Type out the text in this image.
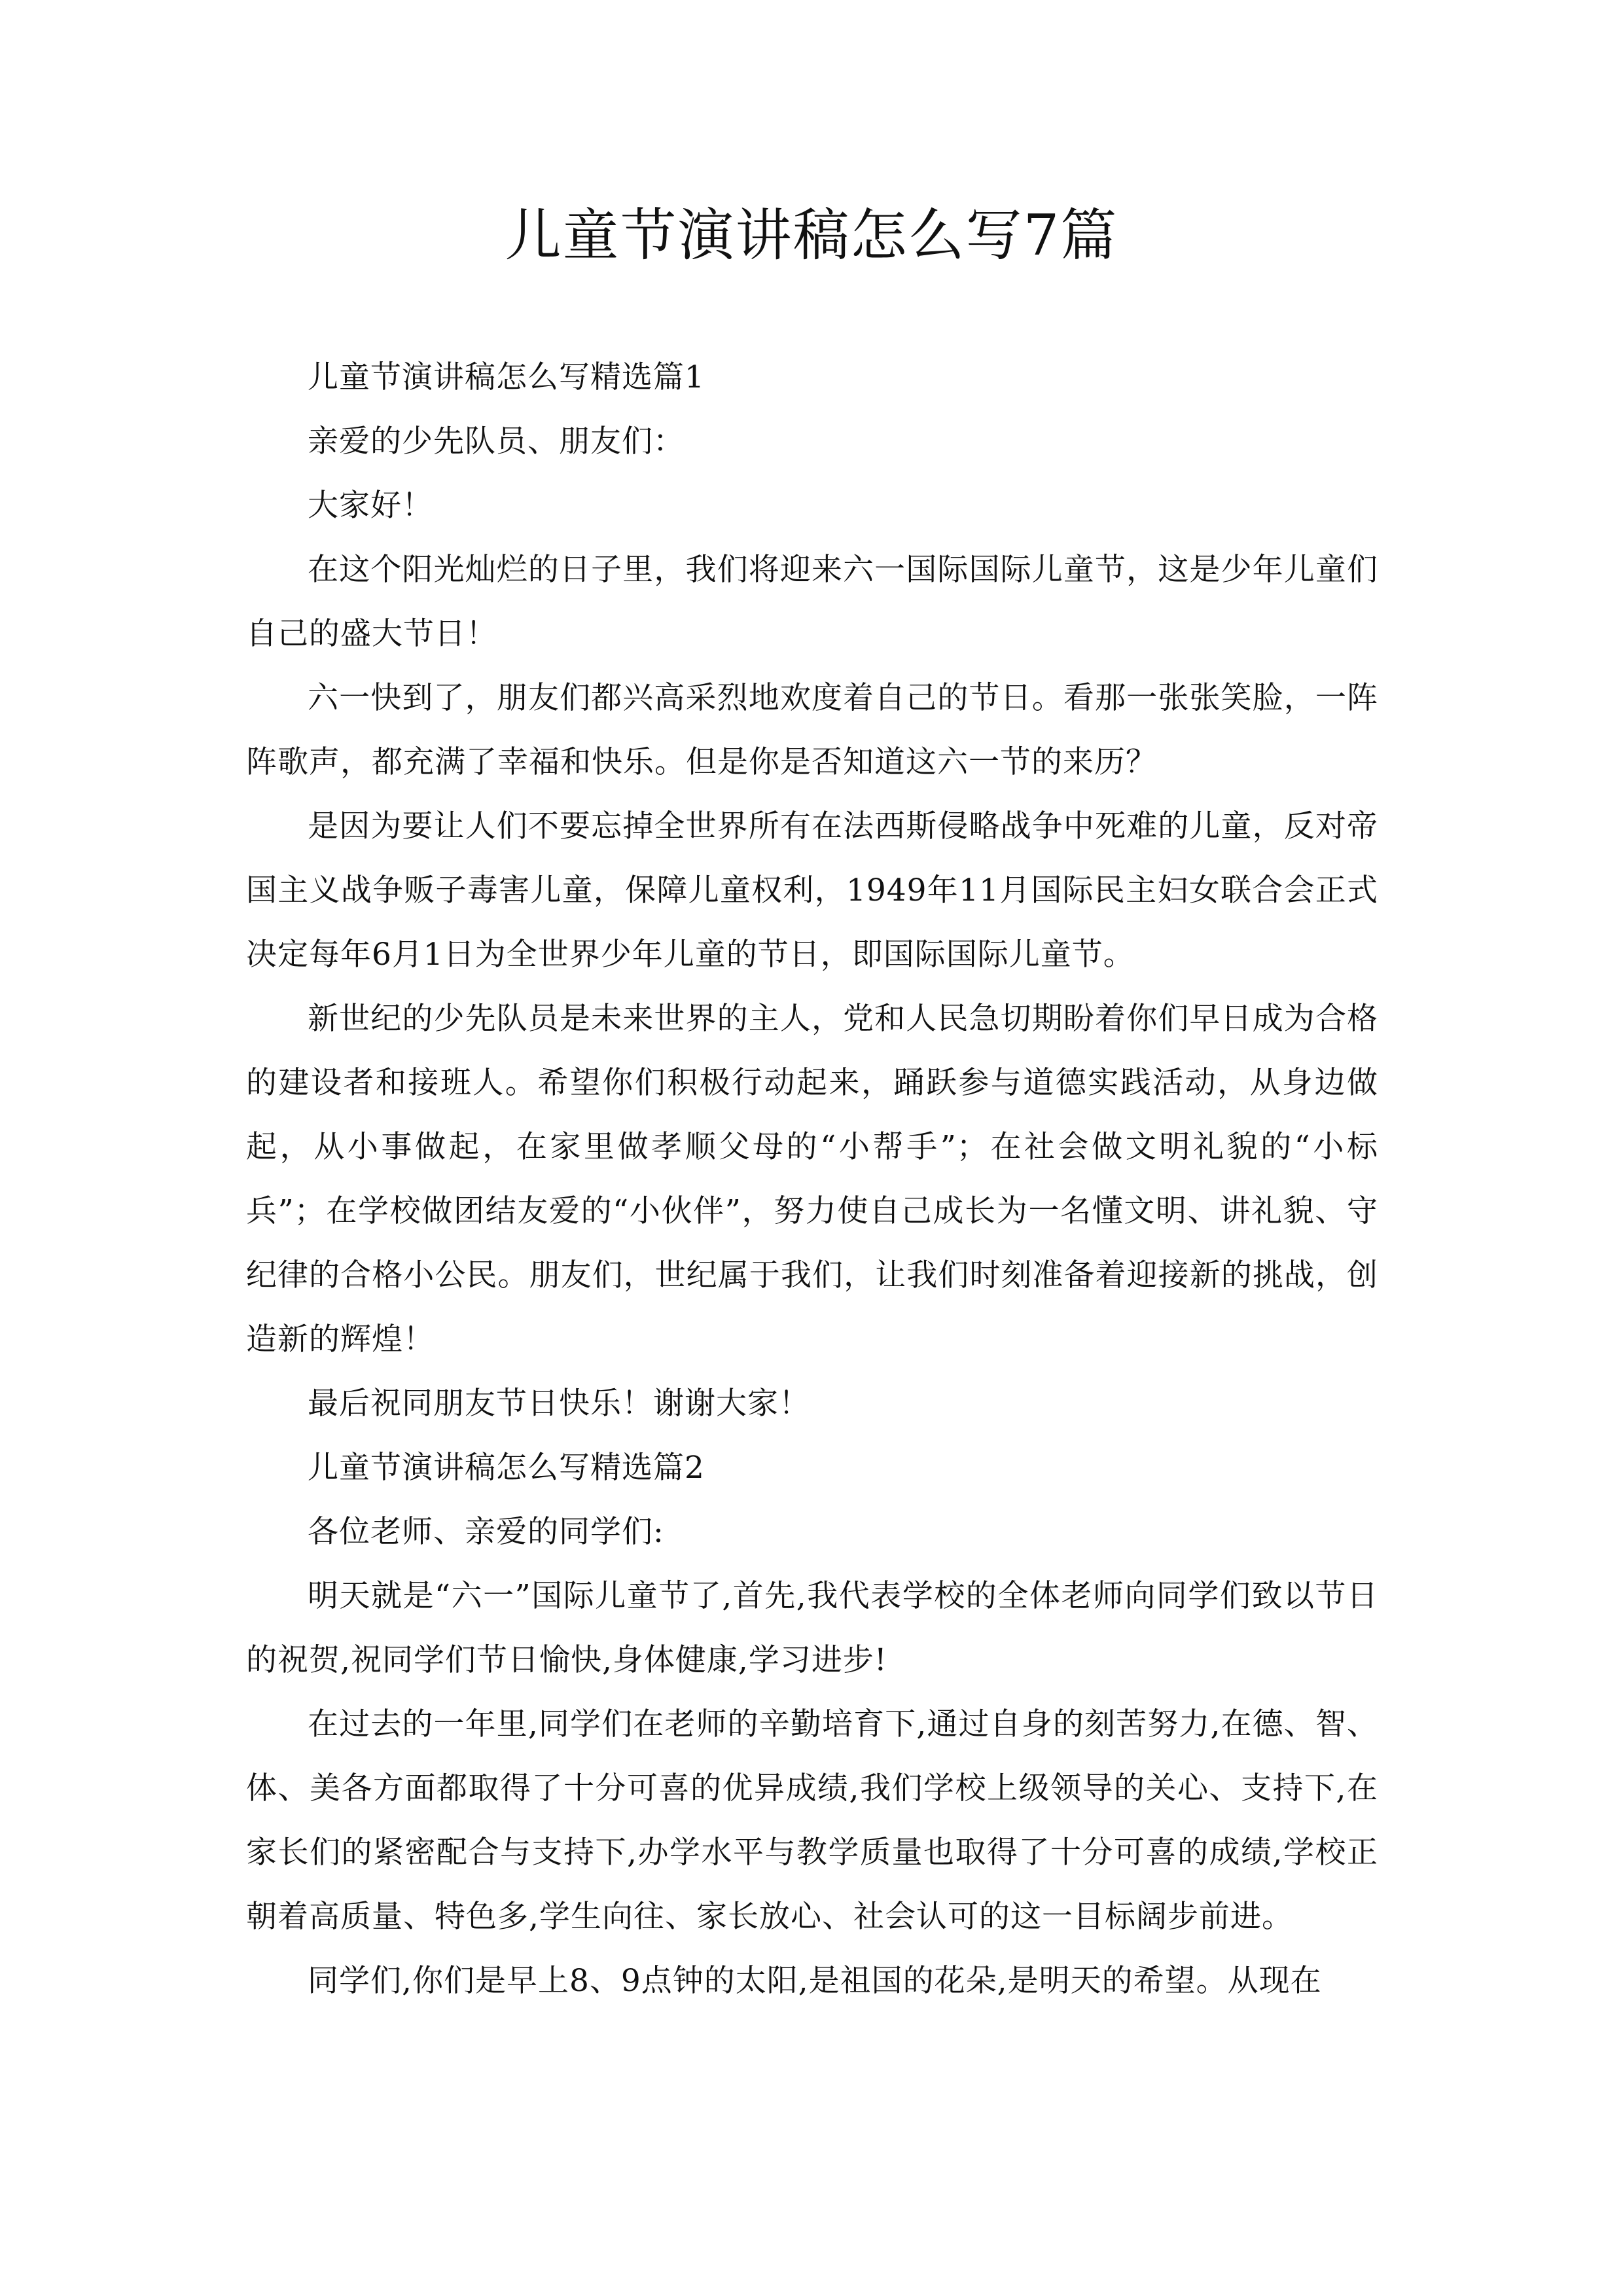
儿童节演讲稿怎么写7篇

儿童节演讲稿怎么写精选篇1

亲爱的少先队员、朋友们：

大家好！

在这个阳光灿烂的日子里，我们将迎来六一国际国际儿童节，这是少年儿童们自己的盛大节日！

六一快到了，朋友们都兴高采烈地欢度着自己的节日。看那一张张笑脸，一阵阵歌声，都充满了幸福和快乐。但是你是否知道这六一节的来历？

是因为要让人们不要忘掉全世界所有在法西斯侵略战争中死难的儿童，反对帝国主义战争贩子毒害儿童，保障儿童权利，1949年11月国际民主妇女联合会正式决定每年6月1日为全世界少年儿童的节日，即国际国际儿童节。

新世纪的少先队员是未来世界的主人，党和人民急切期盼着你们早日成为合格的建设者和接班人。希望你们积极行动起来，踊跃参与道德实践活动，从身边做起，从小事做起，在家里做孝顺父母的“小帮手”；在社会做文明礼貌的“小标兵”；在学校做团结友爱的“小伙伴”，努力使自己成长为一名懂文明、讲礼貌、守纪律的合格小公民。朋友们，世纪属于我们，让我们时刻准备着迎接新的挑战，创造新的辉煌！

最后祝同朋友节日快乐！谢谢大家！

儿童节演讲稿怎么写精选篇2

各位老师、亲爱的同学们:

明天就是“六一”国际儿童节了,首先,我代表学校的全体老师向同学们致以节日的祝贺,祝同学们节日愉快,身体健康,学习进步!

在过去的一年里,同学们在老师的辛勤培育下,通过自身的刻苦努力,在德、智、体、美各方面都取得了十分可喜的优异成绩,我们学校上级领导的关心、支持下,在家长们的紧密配合与支持下,办学水平与教学质量也取得了十分可喜的成绩,学校正朝着高质量、特色多,学生向往、家长放心、社会认可的这一目标阔步前进。

同学们,你们是早上8、9点钟的太阳,是祖国的花朵,是明天的希望。从现在
